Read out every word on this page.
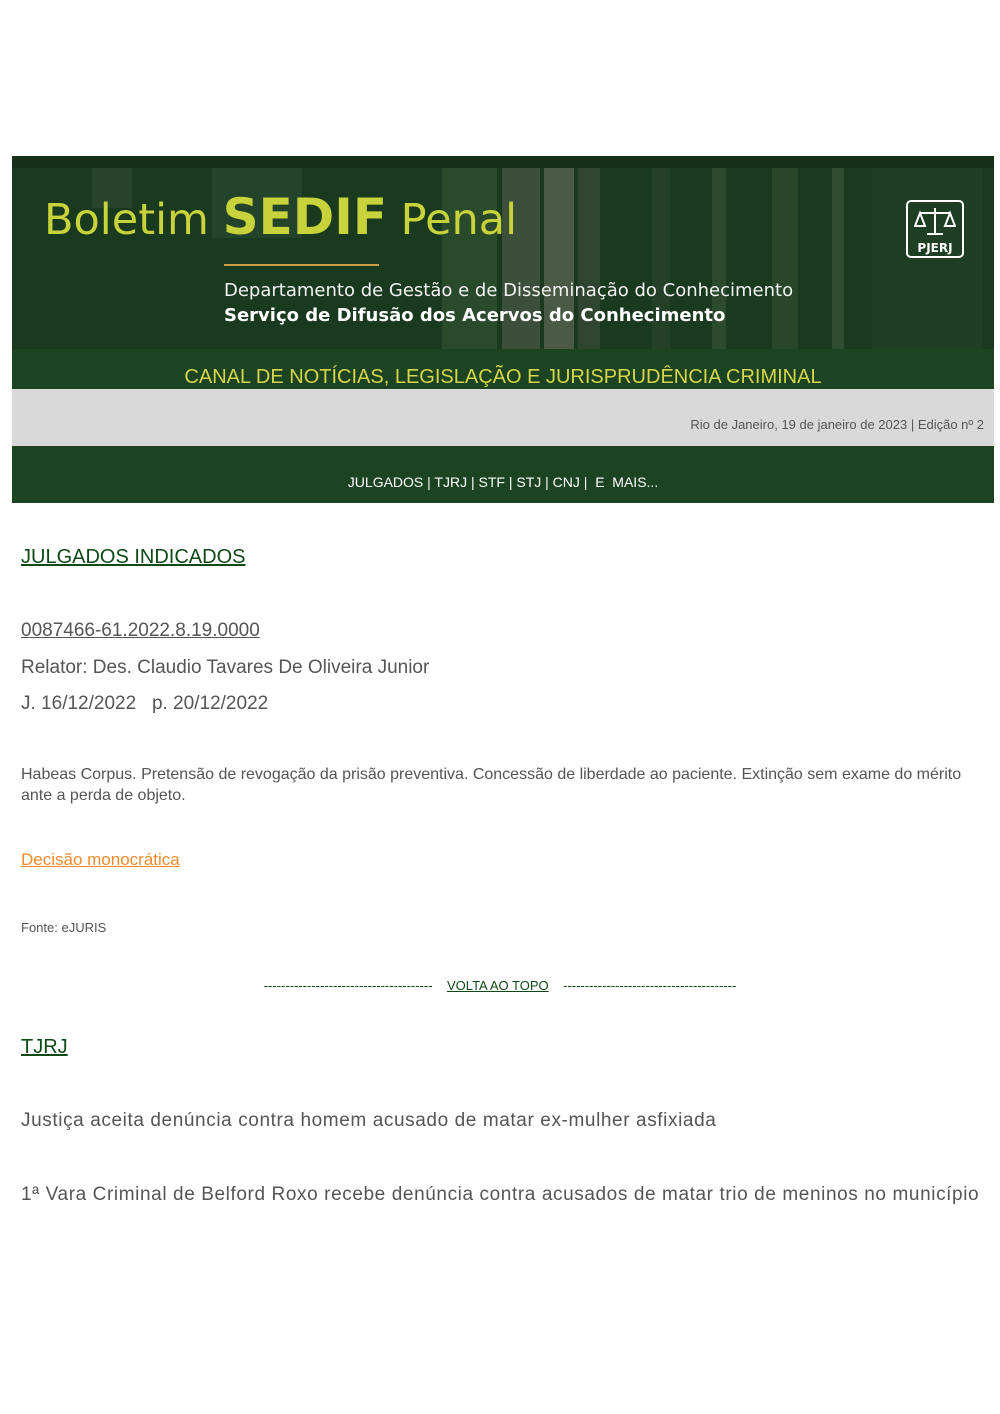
Boletim SEDIF Penal
Departamento de Gestão e de Disseminação do Conhecimento
Serviço de Difusão dos Acervos do Conhecimento
PJERJ
CANAL DE NOTÍCIAS, LEGISLAÇÃO E JURISPRUDÊNCIA CRIMINAL
Rio de Janeiro, 19 de janeiro de 2023 | Edição nº 2
JULGADOS | TJRJ | STF | STJ | CNJ |  E  MAIS...
JULGADOS INDICADOS
0087466-61.2022.8.19.0000
Relator: Des. Claudio Tavares De Oliveira Junior
J. 16/12/2022   p. 20/12/2022
Habeas Corpus. Pretensão de revogação da prisão preventiva. Concessão de liberdade ao paciente. Extinção sem exame do mérito ante a perda de objeto.
Decisão monocrática
Fonte: eJURIS
--------------------------------------- VOLTA AO TOPO ----------------------------------------
TJRJ
Justiça aceita denúncia contra homem acusado de matar ex-mulher asfixiada
1ª Vara Criminal de Belford Roxo recebe denúncia contra acusados de matar trio de meninos no município
